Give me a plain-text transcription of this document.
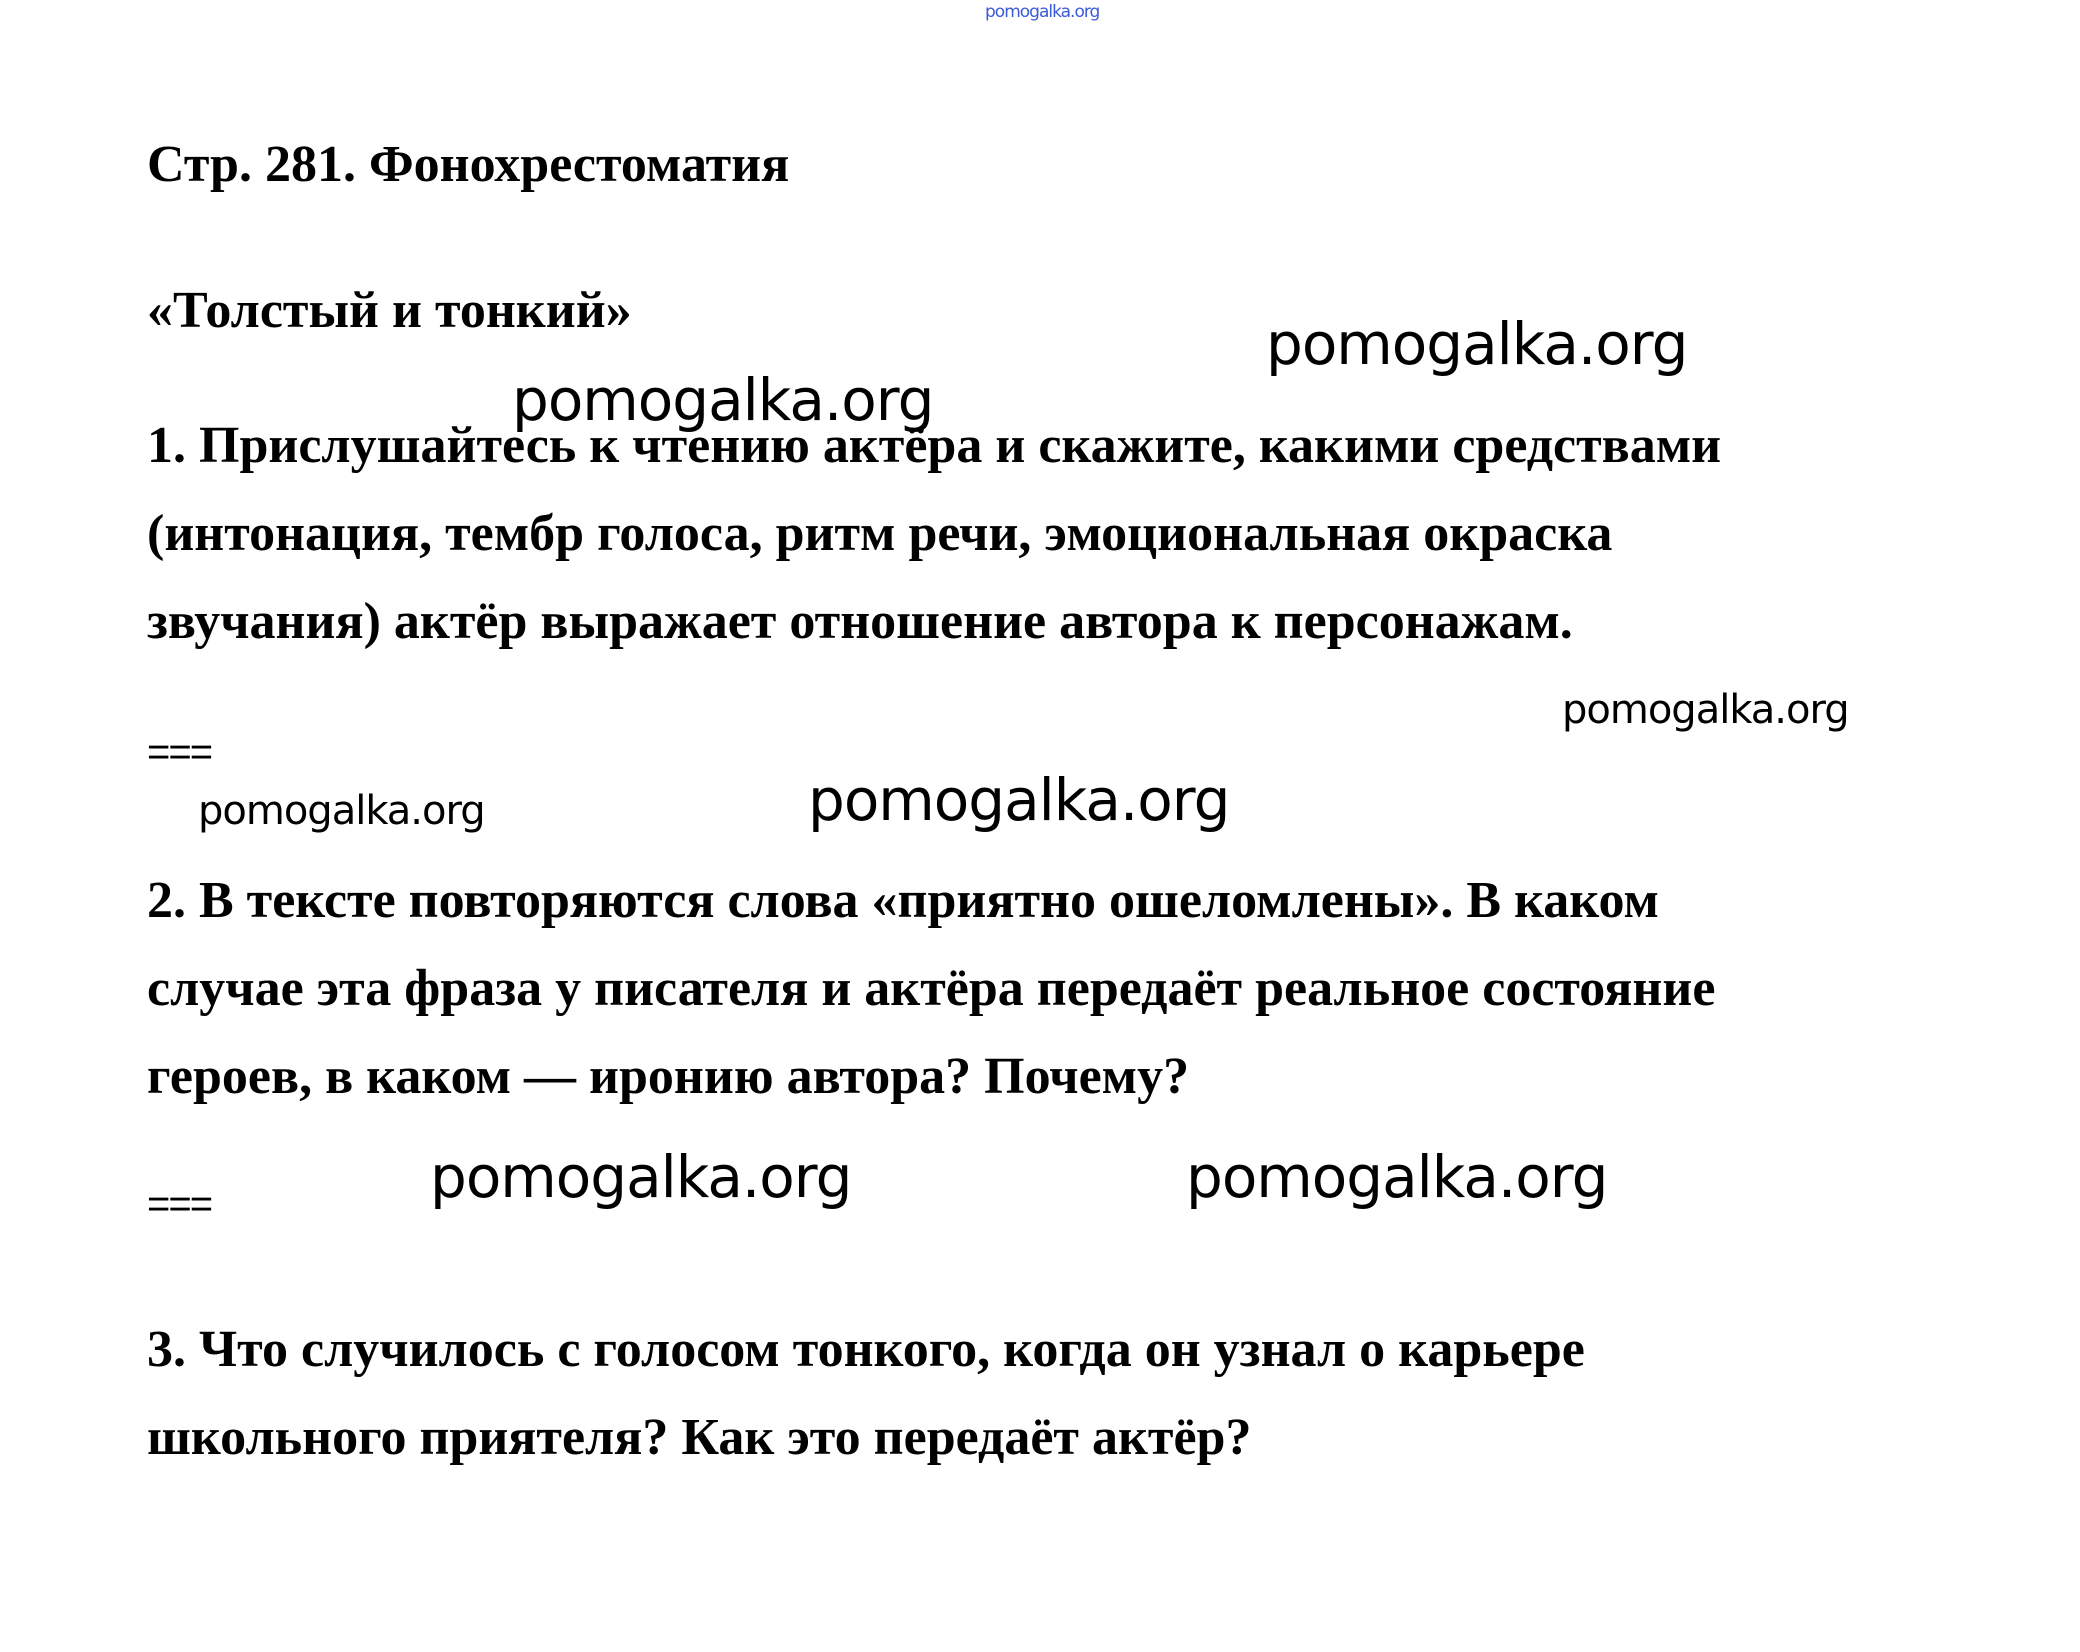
pomogalka.org
Стр. 281. Фонохрестоматия
«Толстый и тонкий»	pomogalka.org
pomogalka.org
1. Прислушайтесь к чтению актёра и скажите, какими средствами
(интонация, тембр голоса, ритм речи, эмоциональная окраска
звучания) актёр выражает отношение автора к персонажам.
pomogalka.org
===
pomogalka.org	pomogalka.org
2. В тексте повторяются слова «приятно ошеломлены». В каком
случае эта фраза у писателя и актёра передаёт реальное состояние
героев, в каком — иронию автора? Почему?
===	pomogalka.org	pomogalka.org
3. Что случилось с голосом тонкого, когда он узнал о карьере
школьного приятеля? Как это передаёт актёр?
